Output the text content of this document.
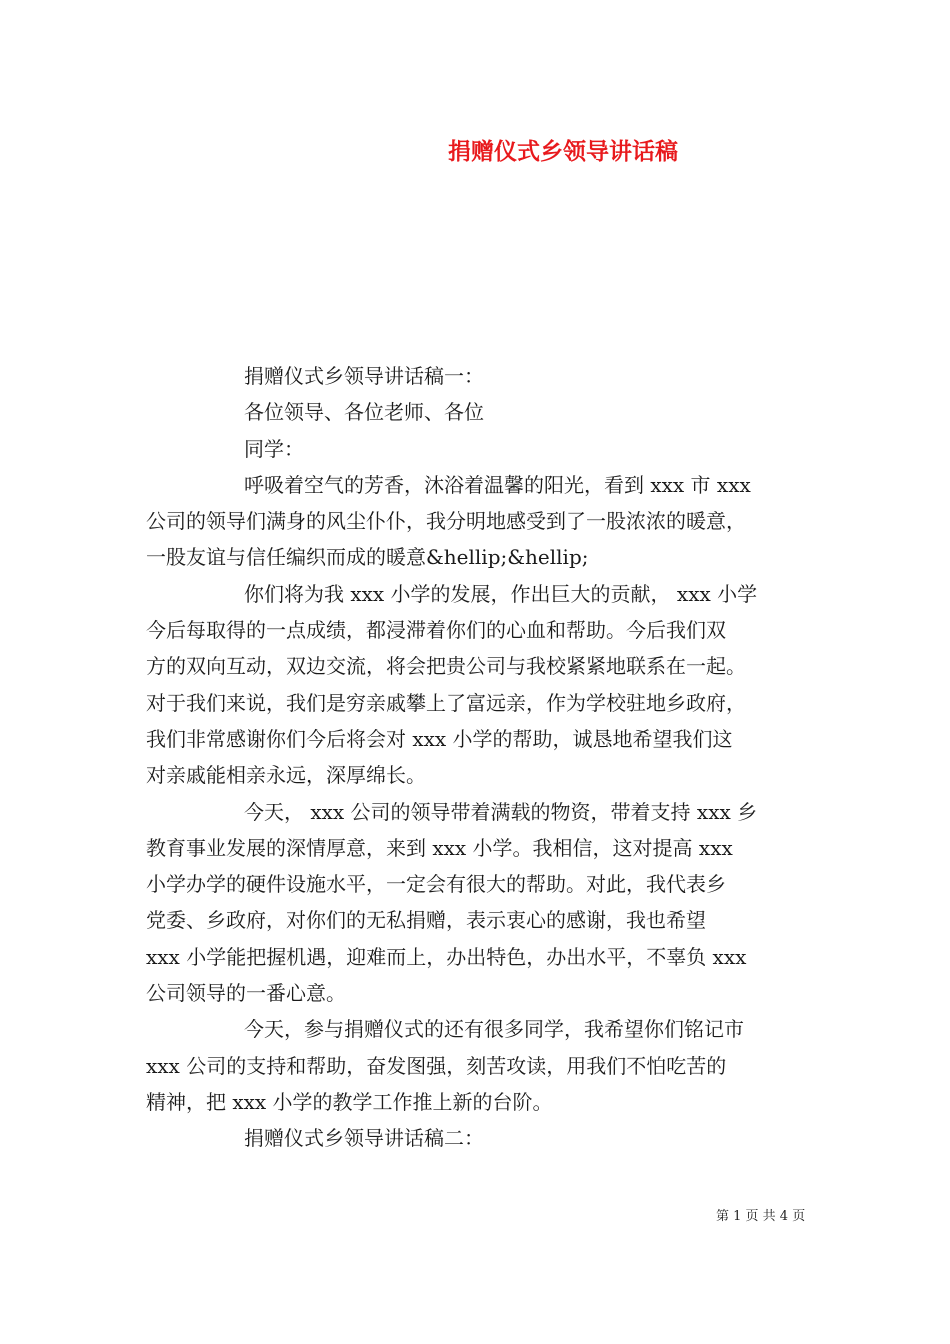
捐赠仪式乡领导讲话稿

捐赠仪式乡领导讲话稿一：

各位领导、各位老师、各位

同学：

呼吸着空气的芳香，沐浴着温馨的阳光，看到 xxx 市 xxx

公司的领导们满身的风尘仆仆，我分明地感受到了一股浓浓的暖意，

一股友谊与信任编织而成的暖意&hellip;&hellip;

你们将为我 xxx 小学的发展，作出巨大的贡献， xxx 小学

今后每取得的一点成绩，都浸滞着你们的心血和帮助。今后我们双

方的双向互动，双边交流，将会把贵公司与我校紧紧地联系在一起。

对于我们来说，我们是穷亲戚攀上了富远亲，作为学校驻地乡政府，

我们非常感谢你们今后将会对 xxx 小学的帮助，诚恳地希望我们这

对亲戚能相亲永远，深厚绵长。

今天， xxx 公司的领导带着满载的物资，带着支持 xxx 乡

教育事业发展的深情厚意，来到 xxx 小学。我相信，这对提高 xxx

小学办学的硬件设施水平，一定会有很大的帮助。对此，我代表乡

党委、乡政府，对你们的无私捐赠，表示衷心的感谢，我也希望

xxx 小学能把握机遇，迎难而上，办出特色，办出水平，不辜负 xxx

公司领导的一番心意。

今天，参与捐赠仪式的还有很多同学，我希望你们铭记市

xxx 公司的支持和帮助，奋发图强，刻苦攻读，用我们不怕吃苦的

精神，把 xxx 小学的教学工作推上新的台阶。

捐赠仪式乡领导讲话稿二：

第 1 页 共 4 页
